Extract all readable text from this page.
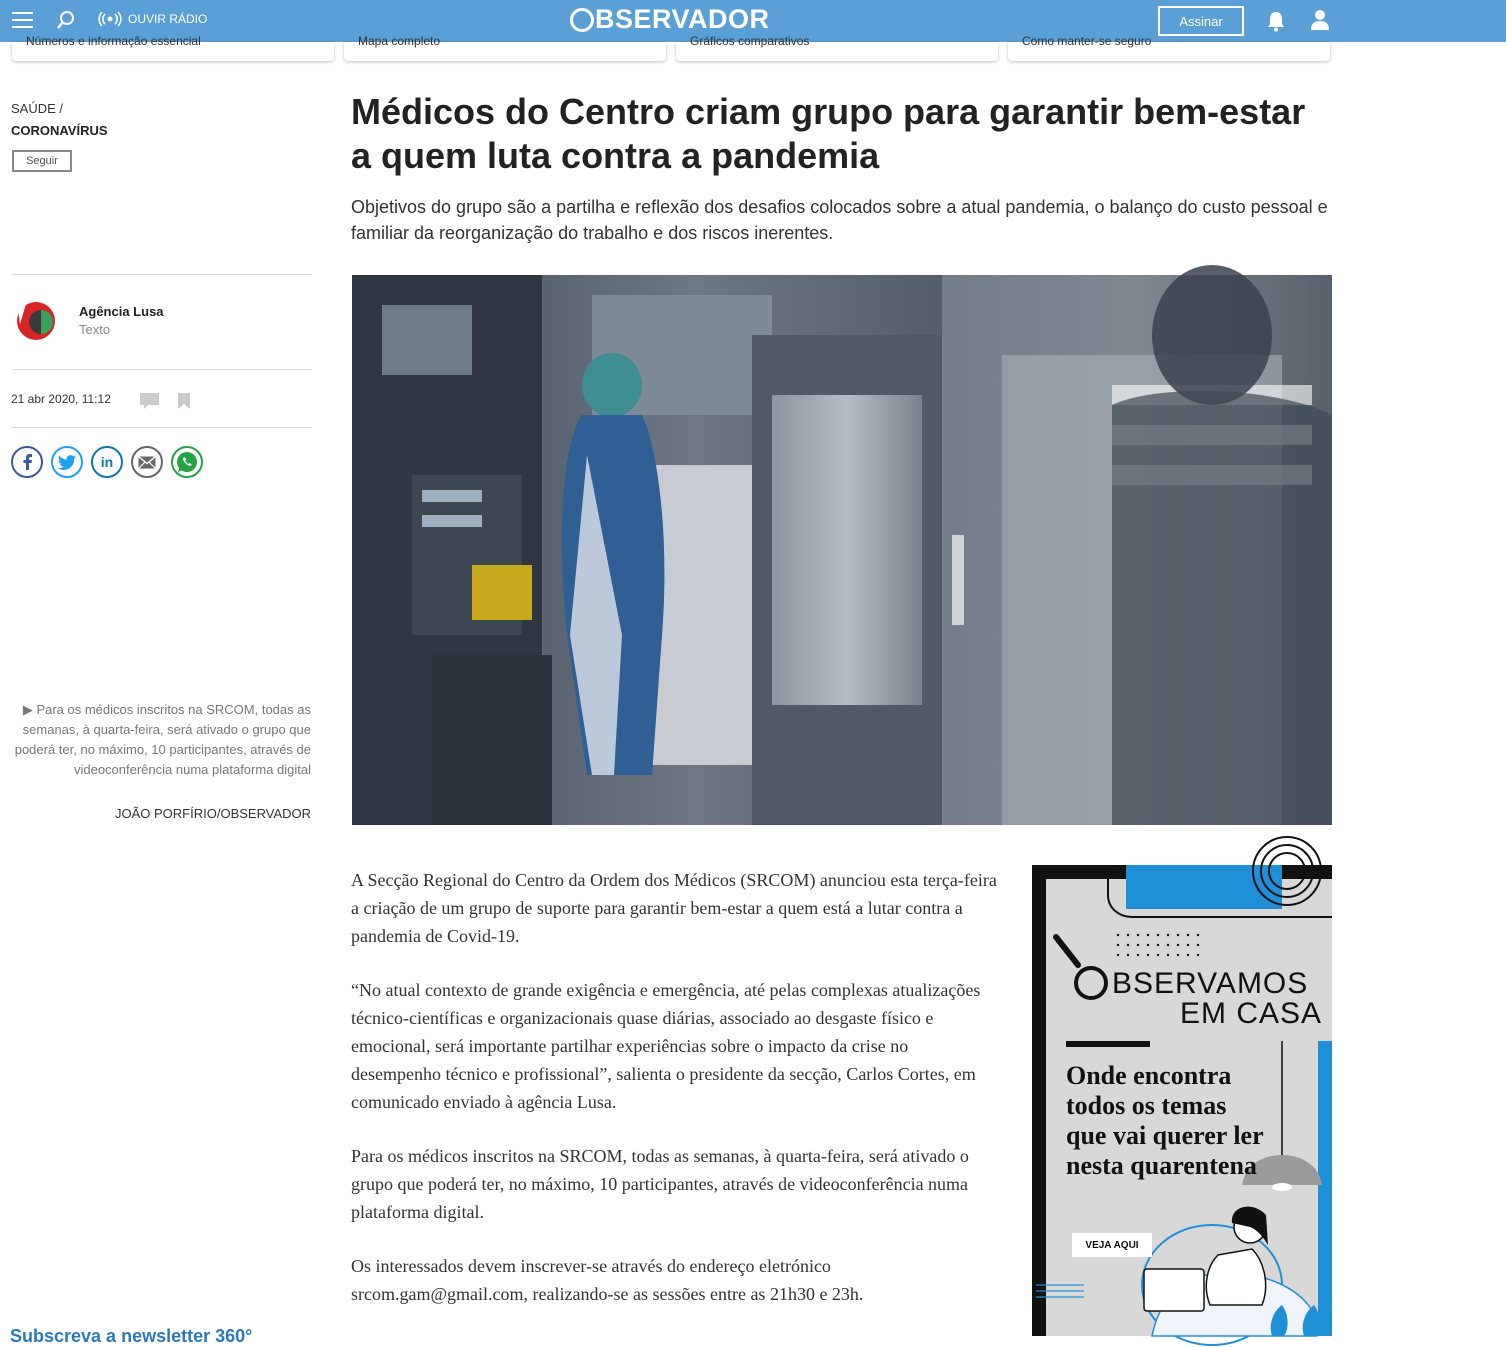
OUVIR RÁDIO	BSERVADOR	Assinar
Números e informação essencial	Mapa completo	Gráficos comparativos	Como manter-se seguro
SAÚDE /
CORONAVÍRUS
Seguir
Agência Lusa
Texto
21 abr 2020, 11:12
in
▶ Para os médicos inscritos na SRCOM, todas as semanas, à quarta-feira, será ativado o grupo que poderá ter, no máximo, 10 participantes, através de videoconferência numa plataforma digital
JOÃO PORFÍRIO/OBSERVADOR
Médicos do Centro criam grupo para garantir bem-estar a quem luta contra a pandemia

Objetivos do grupo são a partilha e reflexão dos desafios colocados sobre a atual pandemia, o balanço do custo pessoal e familiar da reorganização do trabalho e dos riscos inerentes.

A Secção Regional do Centro da Ordem dos Médicos (SRCOM) anunciou esta terça-feira a criação de um grupo de suporte para garantir bem-estar a quem está a lutar contra a pandemia de Covid-19.

“No atual contexto de grande exigência e emergência, até pelas complexas atualizações técnico-científicas e organizacionais quase diárias, associado ao desgaste físico e emocional, será importante partilhar experiências sobre o impacto da crise no desempenho técnico e profissional”, salienta o presidente da secção, Carlos Cortes, em comunicado enviado à agência Lusa.

Para os médicos inscritos na SRCOM, todas as semanas, à quarta-feira, será ativado o grupo que poderá ter, no máximo, 10 participantes, através de videoconferência numa plataforma digital.

Os interessados devem inscrever-se através do endereço eletrónico srcom.gam@gmail.com, realizando-se as sessões entre as 21h30 e 23h.

BSERVAMOS
EM CASA
Onde encontra todos os temas que vai querer ler nesta quarentena
VEJA AQUI
Subscreva a newsletter 360°
